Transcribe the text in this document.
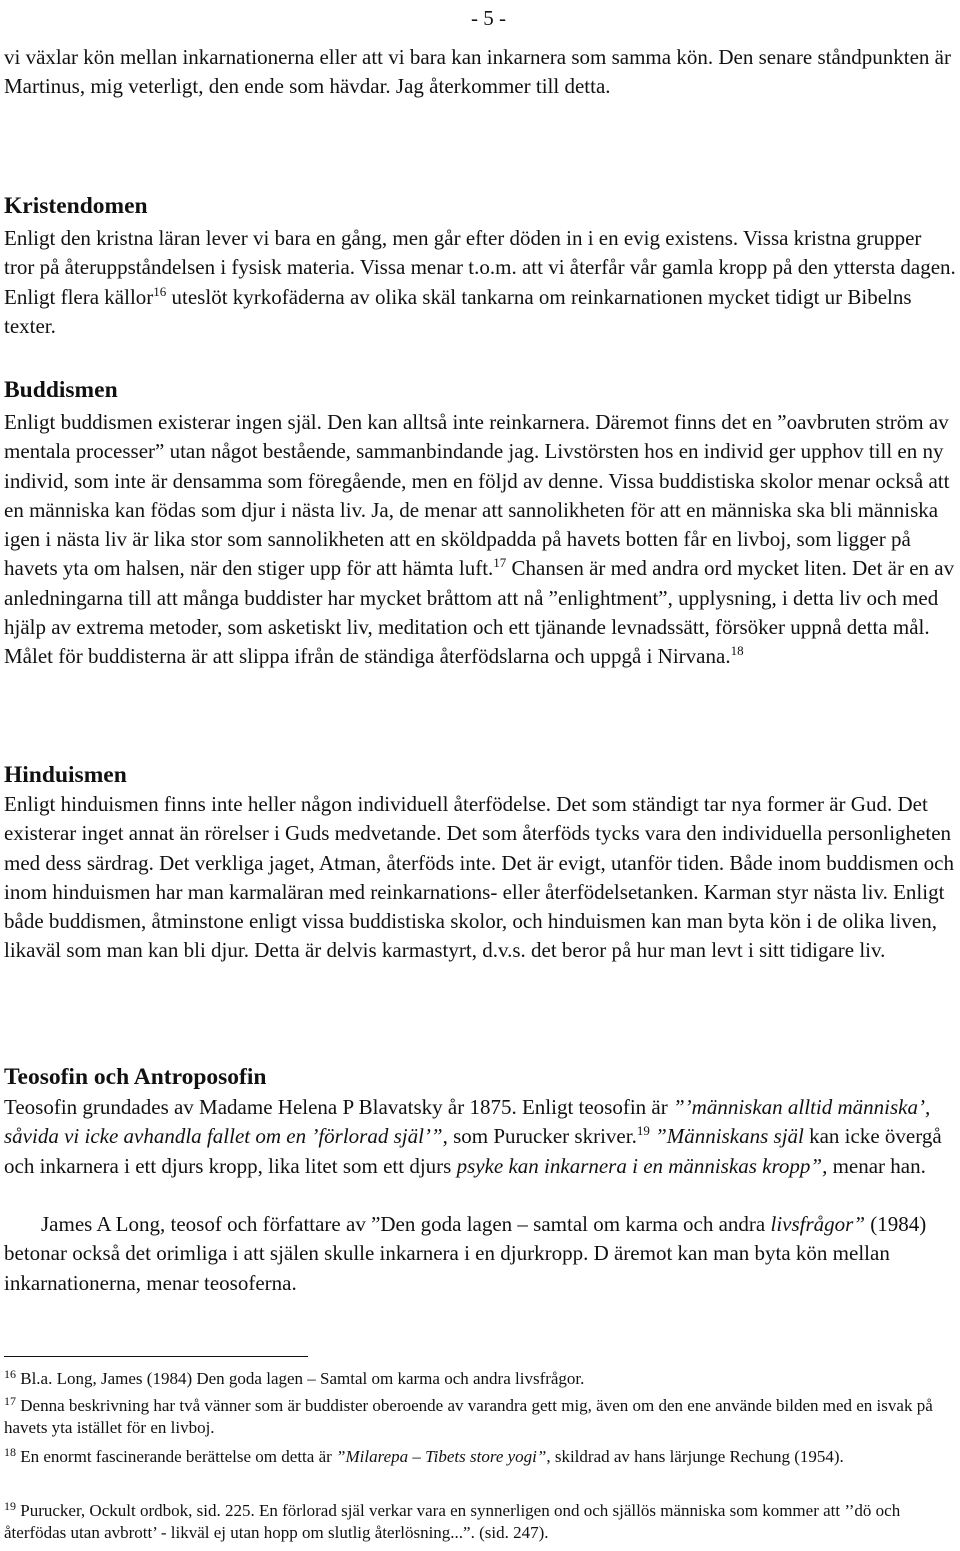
- 5 -

vi växlar kön mellan inkarnationerna eller att vi bara kan inkarnera som samma kön. Den senare ståndpunkten är Martinus, mig veterligt, den ende som hävdar. Jag återkommer till detta.

Kristendomen

Enligt den kristna läran lever vi bara en gång, men går efter döden in i en evig existens. Vissa kristna grupper tror på återuppståndelsen i fysisk materia. Vissa menar t.o.m. att vi återfår vår gamla kropp på den yttersta dagen. Enligt flera källor$^{16}$ uteslöt kyrkofäderna av olika skäl tankarna om reinkarnationen mycket tidigt ur Bibelns texter.

Buddismen

Enligt buddismen existerar ingen själ. Den kan alltså inte reinkarnera. Däremot finns det en ”oavbruten ström av mentala processer” utan något bestående, sammanbindande jag. Livstörsten hos en individ ger upphov till en ny individ, som inte är densamma som föregående, men en följd av denne. Vissa buddistiska skolor menar också att en människa kan födas som djur i nästa liv. Ja, de menar att sannolikheten för att en människa ska bli människa igen i nästa liv är lika stor som sannolikheten att en sköldpadda på havets botten får en livboj, som ligger på havets yta om halsen, när den stiger upp för att hämta luft.$^{17}$ Chansen är med andra ord mycket liten. Det är en av anledningarna till att många buddister har mycket bråttom att nå ”enlightment”, upplysning, i detta liv och med hjälp av extrema metoder, som asketiskt liv, meditation och ett tjänande levnadssätt, försöker uppnå detta mål. Målet för buddisterna är att slippa ifrån de ständiga återfödslarna och uppgå i Nirvana.$^{18}$

Hinduismen

Enligt hinduismen finns inte heller någon individuell återfödelse. Det som ständigt tar nya former är Gud. Det existerar inget annat än rörelser i Guds medvetande. Det som återföds tycks vara den individuella personligheten med dess särdrag. Det verkliga jaget, Atman, återföds inte. Det är evigt, utanför tiden. Både inom buddismen och inom hinduismen har man karmaläran med reinkarnations- eller återfödelsetanken. Karman styr nästa liv. Enligt både buddismen, åtminstone enligt vissa buddistiska skolor, och hinduismen kan man byta kön i de olika liven, likaväl som man kan bli djur. Detta är delvis karmastyrt, d.v.s. det beror på hur man levt i sitt tidigare liv.

Teosofin och Antroposofin

Teosofin grundades av Madame Helena P Blavatsky år 1875. Enligt teosofin är ”’människan alltid människa’, såvida vi icke avhandla fallet om en ’förlorad själ’”, som Purucker skriver.$^{19}$ ”Människans själ kan icke övergå och inkarnera i ett djurs kropp, lika litet som ett djurs psyke kan inkarnera i en människas kropp”, menar han.

James A Long, teosof och författare av ”Den goda lagen – samtal om karma och andra livsfrågor” (1984) betonar också det orimliga i att själen skulle inkarnera i en djurkropp. D äremot kan man byta kön mellan inkarnationerna, menar teosoferna.

$^{16}$ Bl.a. Long, James (1984) Den goda lagen – Samtal om karma och andra livsfrågor.

$^{17}$ Denna beskrivning har två vänner som är buddister oberoende av varandra gett mig, även om den ene använde bilden med en isvak på havets yta istället för en livboj.

$^{18}$ En enormt fascinerande berättelse om detta är ”Milarepa – Tibets store yogi”, skildrad av hans lärjunge Rechung (1954).

$^{19}$ Purucker, Ockult ordbok, sid. 225. En förlorad själ verkar vara en synnerligen ond och själlös människa som kommer att ’’dö och återfödas utan avbrott’ - likväl ej utan hopp om slutlig återlösning...”. (sid. 247).
